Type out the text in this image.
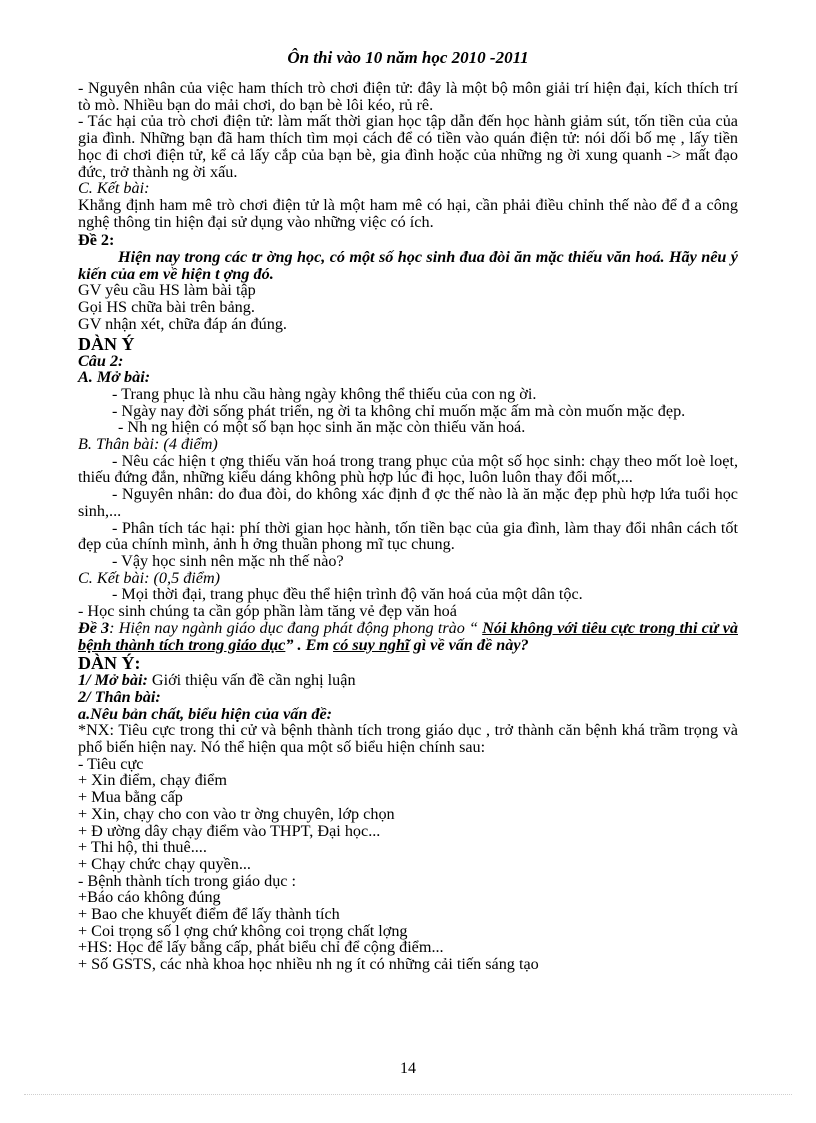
Ôn thi vào 10 năm học 2010 -2011

- Nguyên nhân của việc ham thích trò chơi điện tử: đây là một bộ môn giải trí hiện đại, kích thích trí tò mò. Nhiều bạn do mải chơi, do bạn bè lôi kéo, rủ rê.

- Tác hại của trò chơi điện tử: làm mất thời gian học tập dẫn đến học hành giảm sút, tốn tiền của của gia đình. Những bạn đã ham thích tìm mọi cách để có tiền vào quán điện tử: nói dối bố mẹ , lấy tiền học đi chơi điện tử, kể cả lấy cắp của bạn bè, gia đình hoặc của những ng ời xung quanh -> mất đạo đức, trở thành ng ời xấu.

C. Kết bài:

Khẳng định ham mê trò chơi điện tử là một ham mê có hại, cần phải điều chỉnh thế nào để đ a công nghệ thông tin hiện đại sử dụng vào những việc có ích.

Đề 2:

Hiện nay trong các tr ờng học, có một số học sinh đua đòi ăn mặc thiếu văn hoá. Hãy nêu ý kiến của em về hiện t ợng đó.

GV yêu cầu HS làm bài tập

Gọi HS chữa bài trên bảng.

GV nhận xét, chữa đáp án đúng.

DÀN Ý

Câu 2:

A. Mở bài:

- Trang phục là nhu cầu hàng ngày không thể thiếu của con ng ời.

- Ngày nay đời sống phát triển, ng ời ta không chỉ muốn mặc ấm mà còn muốn mặc đẹp.

- Nh ng hiện có một số bạn học sinh ăn mặc còn thiếu văn hoá.

B. Thân bài: (4 điểm)

- Nêu các hiện t ợng thiếu văn hoá trong trang phục của một số học sinh: chạy theo mốt loè loẹt, thiếu đứng đắn, những kiểu dáng không phù hợp lúc đi học, luôn luôn thay đổi mốt,...

- Nguyên nhân: do đua đòi, do không xác định đ ợc thế nào là ăn mặc đẹp phù hợp lứa tuổi học sinh,...

- Phân tích tác hại: phí thời gian học hành, tốn tiền bạc của gia đình, làm thay đổi nhân cách tốt đẹp của chính mình, ảnh h ởng thuần phong mĩ tục chung.

- Vậy học sinh nên mặc nh thế nào?

C. Kết bài: (0,5 điểm)

- Mọi thời đại, trang phục đều thể hiện trình độ văn hoá của một dân tộc.

- Học sinh chúng ta cần góp phần làm tăng vẻ đẹp văn hoá

Đề 3: Hiện nay ngành giáo dục đang phát động phong trào “ Nói không với tiêu cực trong thi cử và bệnh thành tích trong giáo dục” . Em có suy nghĩ gì về vấn đề này?

DÀN Ý:

1/ Mở bài: Giới thiệu vấn đề cần nghị luận

2/ Thân bài:

a.Nêu bản chất, biểu hiện của vấn đề:

*NX: Tiêu cực trong thi cử và bệnh thành tích trong giáo dục , trở thành căn bệnh khá trầm trọng và phổ biến hiện nay. Nó thể hiện qua một số biểu hiện chính sau:

- Tiêu cực

+ Xin điểm, chạy điểm

+ Mua bằng cấp

+ Xin, chạy cho con vào tr ờng chuyên, lớp chọn

+ Đ ường dây chạy điểm vào THPT, Đại học...

+ Thi hộ, thi thuê....

+ Chạy chức chạy quyền...

- Bệnh thành tích trong giáo dục :

+Báo cáo không đúng

+ Bao che khuyết điểm để lấy thành tích

+ Coi trọng số l ợng chứ không coi trọng chất lợng

+HS: Học để lấy bằng cấp, phát biểu chỉ để cộng điểm...

+ Số GSTS, các nhà khoa học nhiều nh ng ít có những cải tiến sáng tạo

14
